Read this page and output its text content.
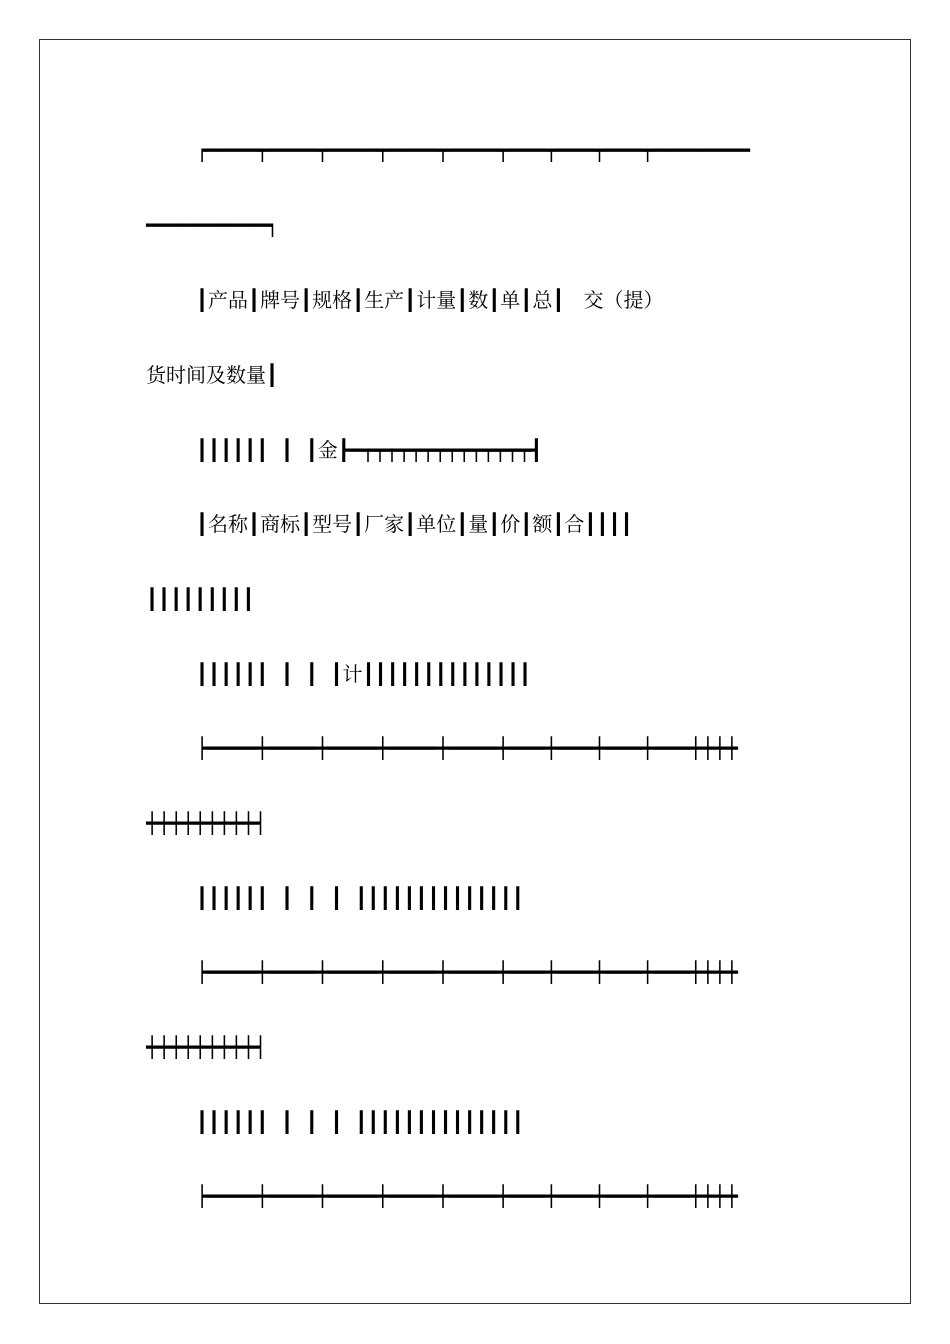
┍━━━━┯━━━━┯━━━━┯━━━━┯━━━━┯━━━┯━━━┯━━━┯━━━━━━━━
━━━━━━━━━━┑
┃产品┃牌号┃规格┃生产┃计量┃数┃单┃总┃   交（提）
货时间及数量┃
┃┃┃┃┃┃  ┃  ┃金┣━┯┯┯┯┯┯┯┯┯┯┯┯┯┯┫
┃名称┃商标┃型号┃厂家┃单位┃量┃价┃额┃合┃┃┃┃
┃┃┃┃┃┃┃┃┃
┃┃┃┃┃┃  ┃  ┃  ┃计┃┃┃┃┃┃┃┃┃┃┃┃┃┃
┝━━━━┿━━━━┿━━━━┿━━━━┿━━━━┿━━━┿━━━┿━━━┿━━━┿┿┿┿
┿┿┿┿┿┿┿┿┿┥
┃┃┃┃┃┃  ┃  ┃  ┃  ┃┃┃┃┃┃┃┃┃┃┃┃┃┃
┝━━━━┿━━━━┿━━━━┿━━━━┿━━━━┿━━━┿━━━┿━━━┿━━━┿┿┿┿
┿┿┿┿┿┿┿┿┿┥
┃┃┃┃┃┃  ┃  ┃  ┃  ┃┃┃┃┃┃┃┃┃┃┃┃┃┃
┝━━━━┿━━━━┿━━━━┿━━━━┿━━━━┿━━━┿━━━┿━━━┿━━━┿┿┿┿
